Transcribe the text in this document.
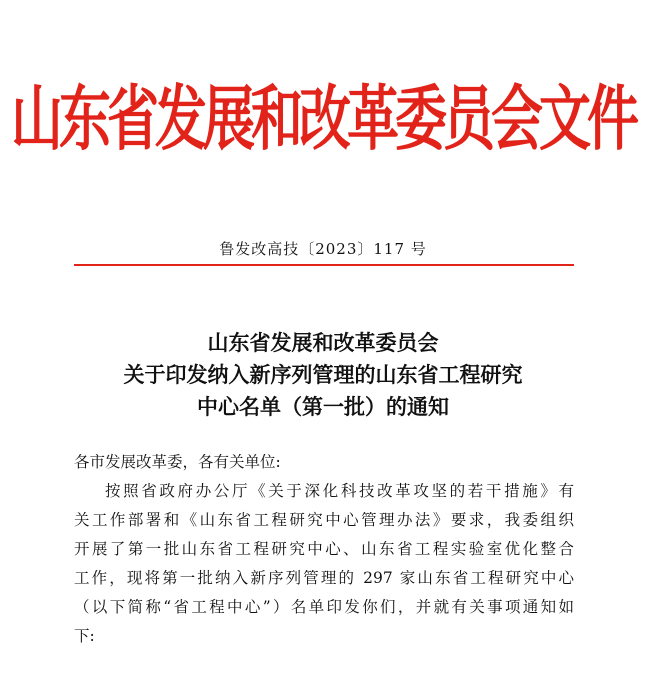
山东省发展和改革委员会文件
鲁发改高技〔2023〕117 号
山东省发展和改革委员会
关于印发纳入新序列管理的山东省工程研究
中心名单（第一批）的通知
各市发展改革委，各有关单位:
按照省政府办公厅《关于深化科技改革攻坚的若干措施》有
关工作部署和《山东省工程研究中心管理办法》要求，我委组织
开展了第一批山东省工程研究中心、山东省工程实验室优化整合
工作，现将第一批纳入新序列管理的 297 家山东省工程研究中心
（以下简称“省工程中心”）名单印发你们，并就有关事项通知如
下:
